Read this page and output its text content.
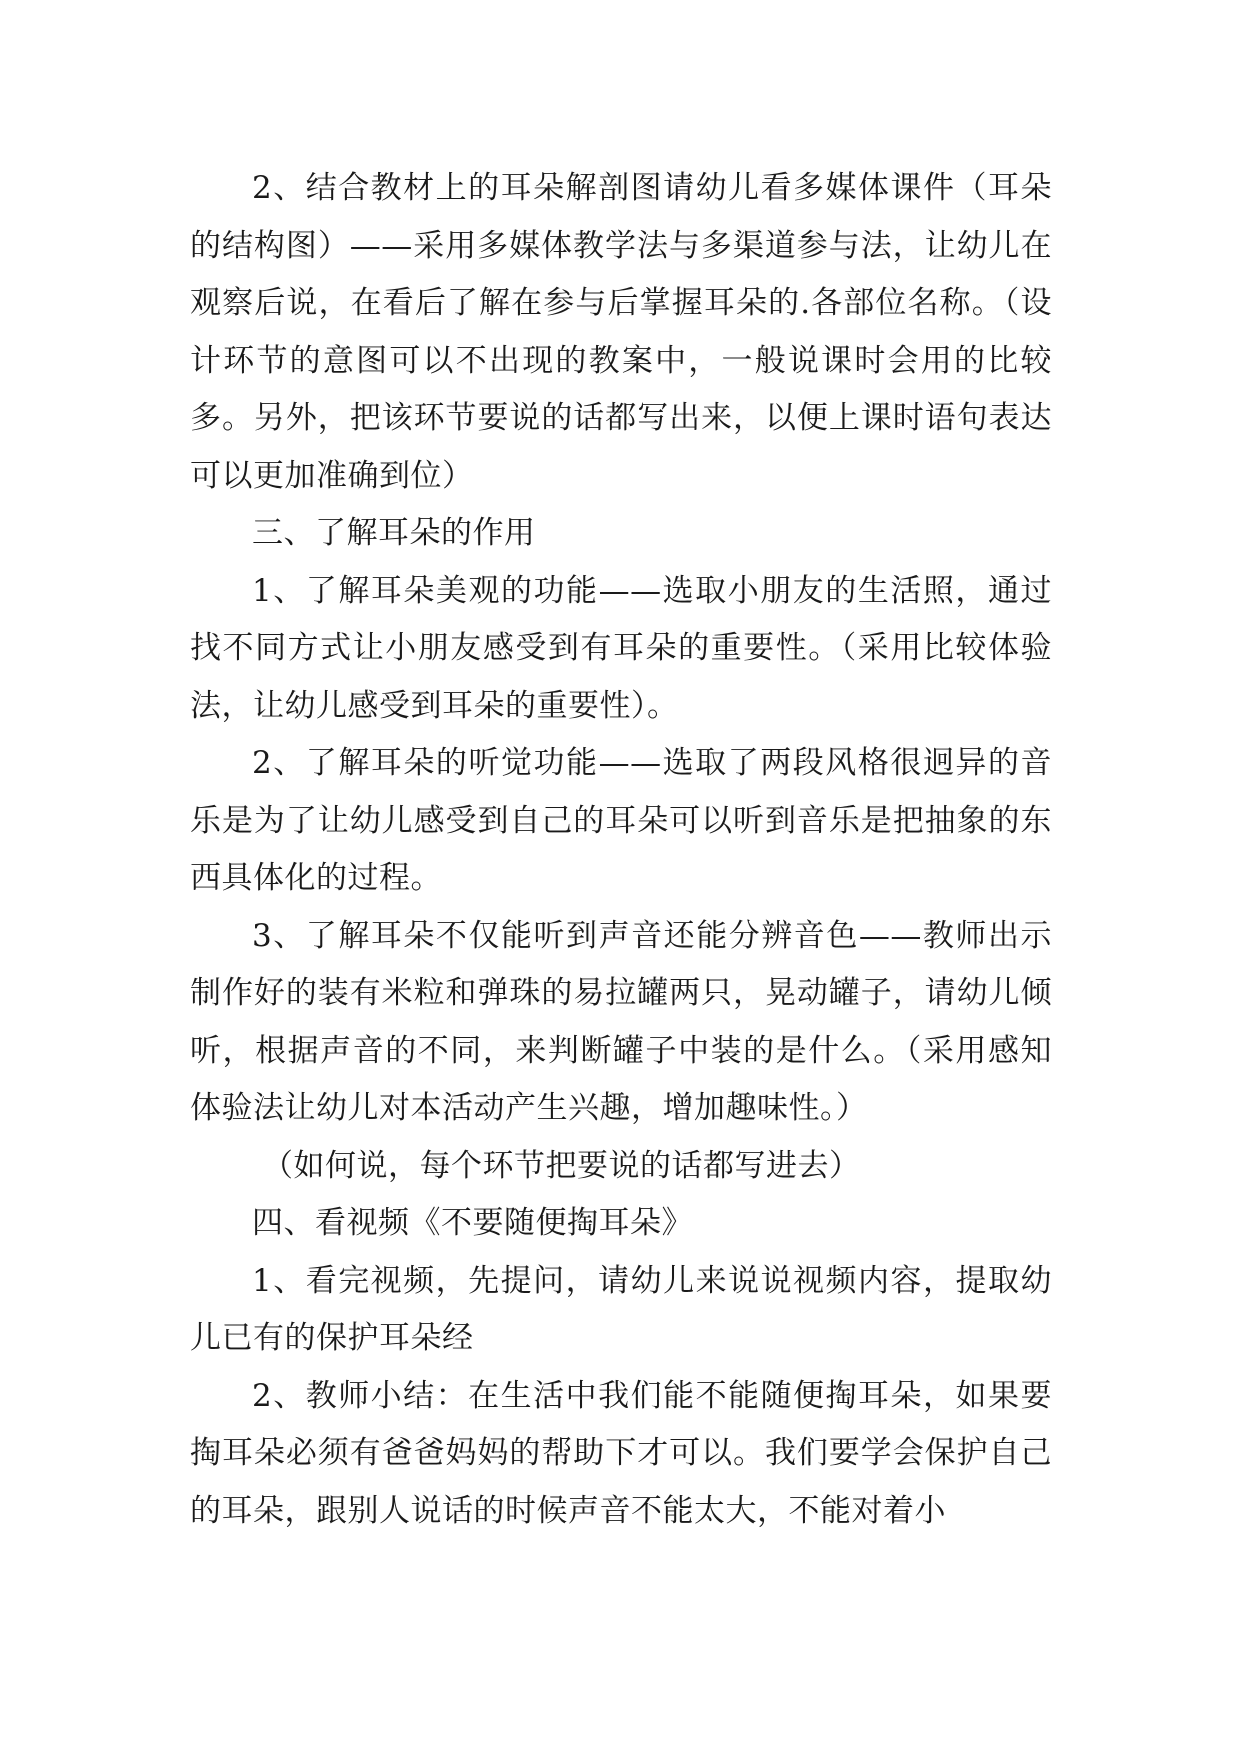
2、结合教材上的耳朵解剖图请幼儿看多媒体课件（耳朵的结构图）——采用多媒体教学法与多渠道参与法，让幼儿在观察后说，在看后了解在参与后掌握耳朵的.各部位名称。（设计环节的意图可以不出现的教案中，一般说课时会用的比较多。另外，把该环节要说的话都写出来，以便上课时语句表达可以更加准确到位）

三、了解耳朵的作用

1、了解耳朵美观的功能——选取小朋友的生活照，通过找不同方式让小朋友感受到有耳朵的重要性。（采用比较体验法，让幼儿感受到耳朵的重要性）。

2、了解耳朵的听觉功能——选取了两段风格很迥异的音乐是为了让幼儿感受到自己的耳朵可以听到音乐是把抽象的东西具体化的过程。

3、了解耳朵不仅能听到声音还能分辨音色——教师出示制作好的装有米粒和弹珠的易拉罐两只，晃动罐子，请幼儿倾听，根据声音的不同，来判断罐子中装的是什么。（采用感知体验法让幼儿对本活动产生兴趣，增加趣味性。）

（如何说，每个环节把要说的话都写进去）

四、看视频《不要随便掏耳朵》

1、看完视频，先提问，请幼儿来说说视频内容，提取幼儿已有的保护耳朵经

2、教师小结：在生活中我们能不能随便掏耳朵，如果要掏耳朵必须有爸爸妈妈的帮助下才可以。我们要学会保护自己的耳朵，跟别人说话的时候声音不能太大，不能对着小
